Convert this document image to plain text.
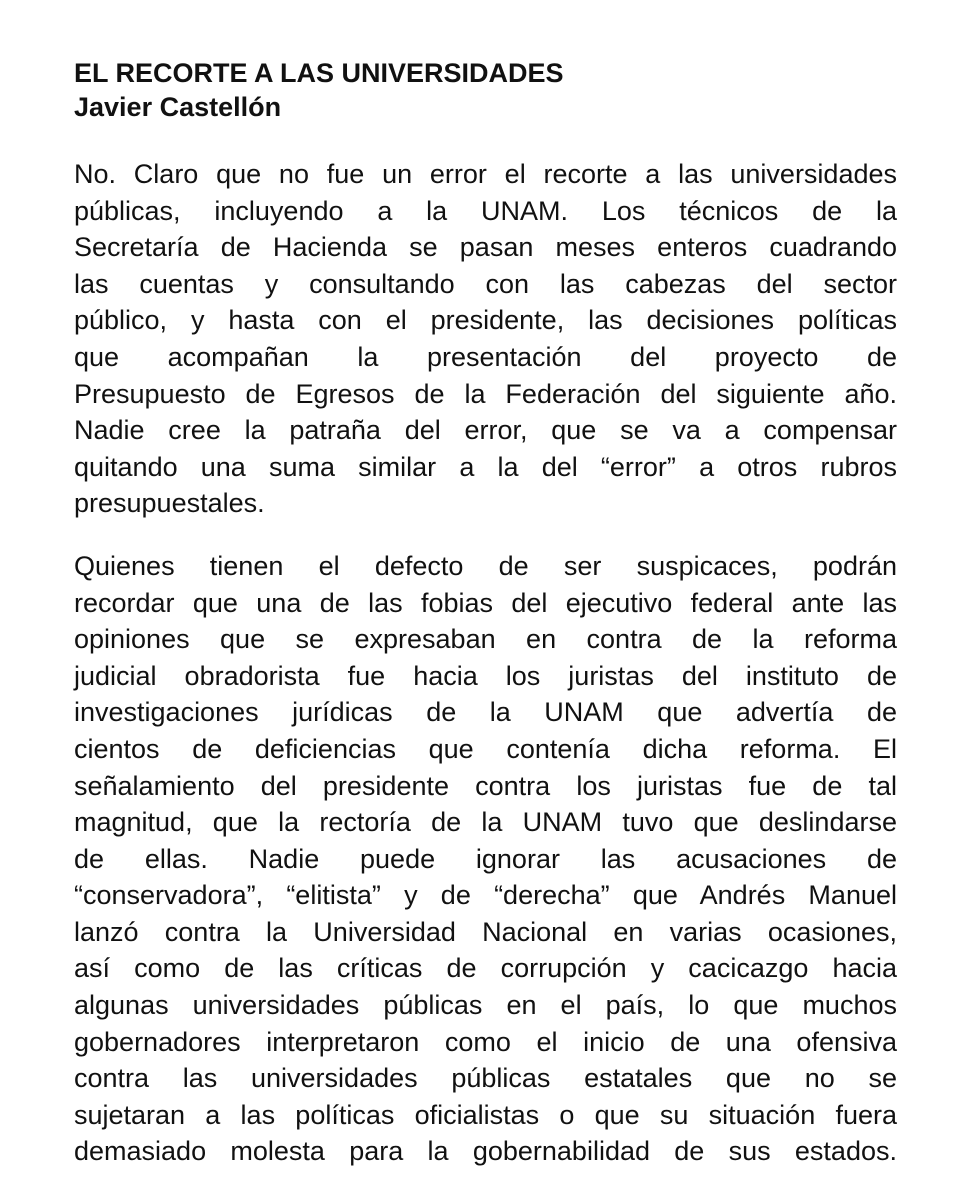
EL RECORTE A LAS UNIVERSIDADES
Javier Castellón

No. Claro que no fue un error el recorte a las universidades
públicas, incluyendo a la UNAM. Los técnicos de la
Secretaría de Hacienda se pasan meses enteros cuadrando
las cuentas y consultando con las cabezas del sector
público, y hasta con el presidente, las decisiones políticas
que acompañan la presentación del proyecto de
Presupuesto de Egresos de la Federación del siguiente año.
Nadie cree la patraña del error, que se va a compensar
quitando una suma similar a la del “error” a otros rubros
presupuestales.

Quienes tienen el defecto de ser suspicaces, podrán
recordar que una de las fobias del ejecutivo federal ante las
opiniones que se expresaban en contra de la reforma
judicial obradorista fue hacia los juristas del instituto de
investigaciones jurídicas de la UNAM que advertía de
cientos de deficiencias que contenía dicha reforma. El
señalamiento del presidente contra los juristas fue de tal
magnitud, que la rectoría de la UNAM tuvo que deslindarse
de ellas. Nadie puede ignorar las acusaciones de
“conservadora”, “elitista” y de “derecha” que Andrés Manuel
lanzó contra la Universidad Nacional en varias ocasiones,
así como de las críticas de corrupción y cacicazgo hacia
algunas universidades públicas en el país, lo que muchos
gobernadores interpretaron como el inicio de una ofensiva
contra las universidades públicas estatales que no se
sujetaran a las políticas oficialistas o que su situación fuera
demasiado molesta para la gobernabilidad de sus estados.
